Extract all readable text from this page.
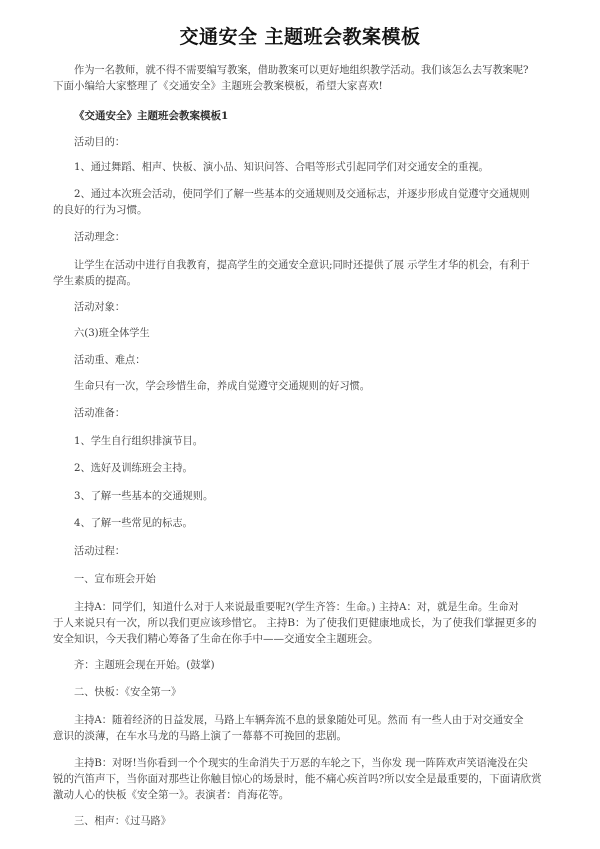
交通安全 主题班会教案模板
作为一名教师，就不得不需要编写教案，借助教案可以更好地组织教学活动。我们该怎么去写教案呢?
下面小编给大家整理了《交通安全》主题班会教案模板，希望大家喜欢!
《交通安全》主题班会教案模板1
活动目的：
1、通过舞蹈、相声、快板、演小品、知识问答、合唱等形式引起同学们对交通安全的重视。
2、通过本次班会活动，使同学们了解一些基本的交通规则及交通标志，并逐步形成自觉遵守交通规则
的良好的行为习惯。
活动理念：
让学生在活动中进行自我教育，提高学生的交通安全意识;同时还提供了展 示学生才华的机会，有利于
学生素质的提高。
活动对象：
六(3)班全体学生
活动重、难点：
生命只有一次，学会珍惜生命，养成自觉遵守交通规则的好习惯。
活动准备：
1、学生自行组织排演节目。
2、选好及训练班会主持。
3、了解一些基本的交通规则。
4、了解一些常见的标志。
活动过程：
一、宣布班会开始
主持A：同学们，知道什么对于人来说最重要呢?(学生齐答：生命。) 主持A：对，就是生命。生命对
于人来说只有一次，所以我们更应该珍惜它。 主持B：为了使我们更健康地成长，为了使我们掌握更多的
安全知识，今天我们精心筹备了生命在你手中——交通安全主题班会。
齐：主题班会现在开始。(鼓掌)
二、快板：《安全第一》
主持A：随着经济的日益发展，马路上车辆奔流不息的景象随处可见。然而 有一些人由于对交通安全
意识的淡薄，在车水马龙的马路上演了一幕幕不可挽回的悲剧。
主持B：对呀!当你看到一个个现实的生命消失于万恶的车轮之下，当你发 现一阵阵欢声笑语淹没在尖
锐的汽笛声下，当你面对那些让你触目惊心的场景时，能不痛心疾首吗?所以安全是最重要的，下面请欣赏
激动人心的快板《安全第一》。表演者：肖海花等。
三、相声：《过马路》
